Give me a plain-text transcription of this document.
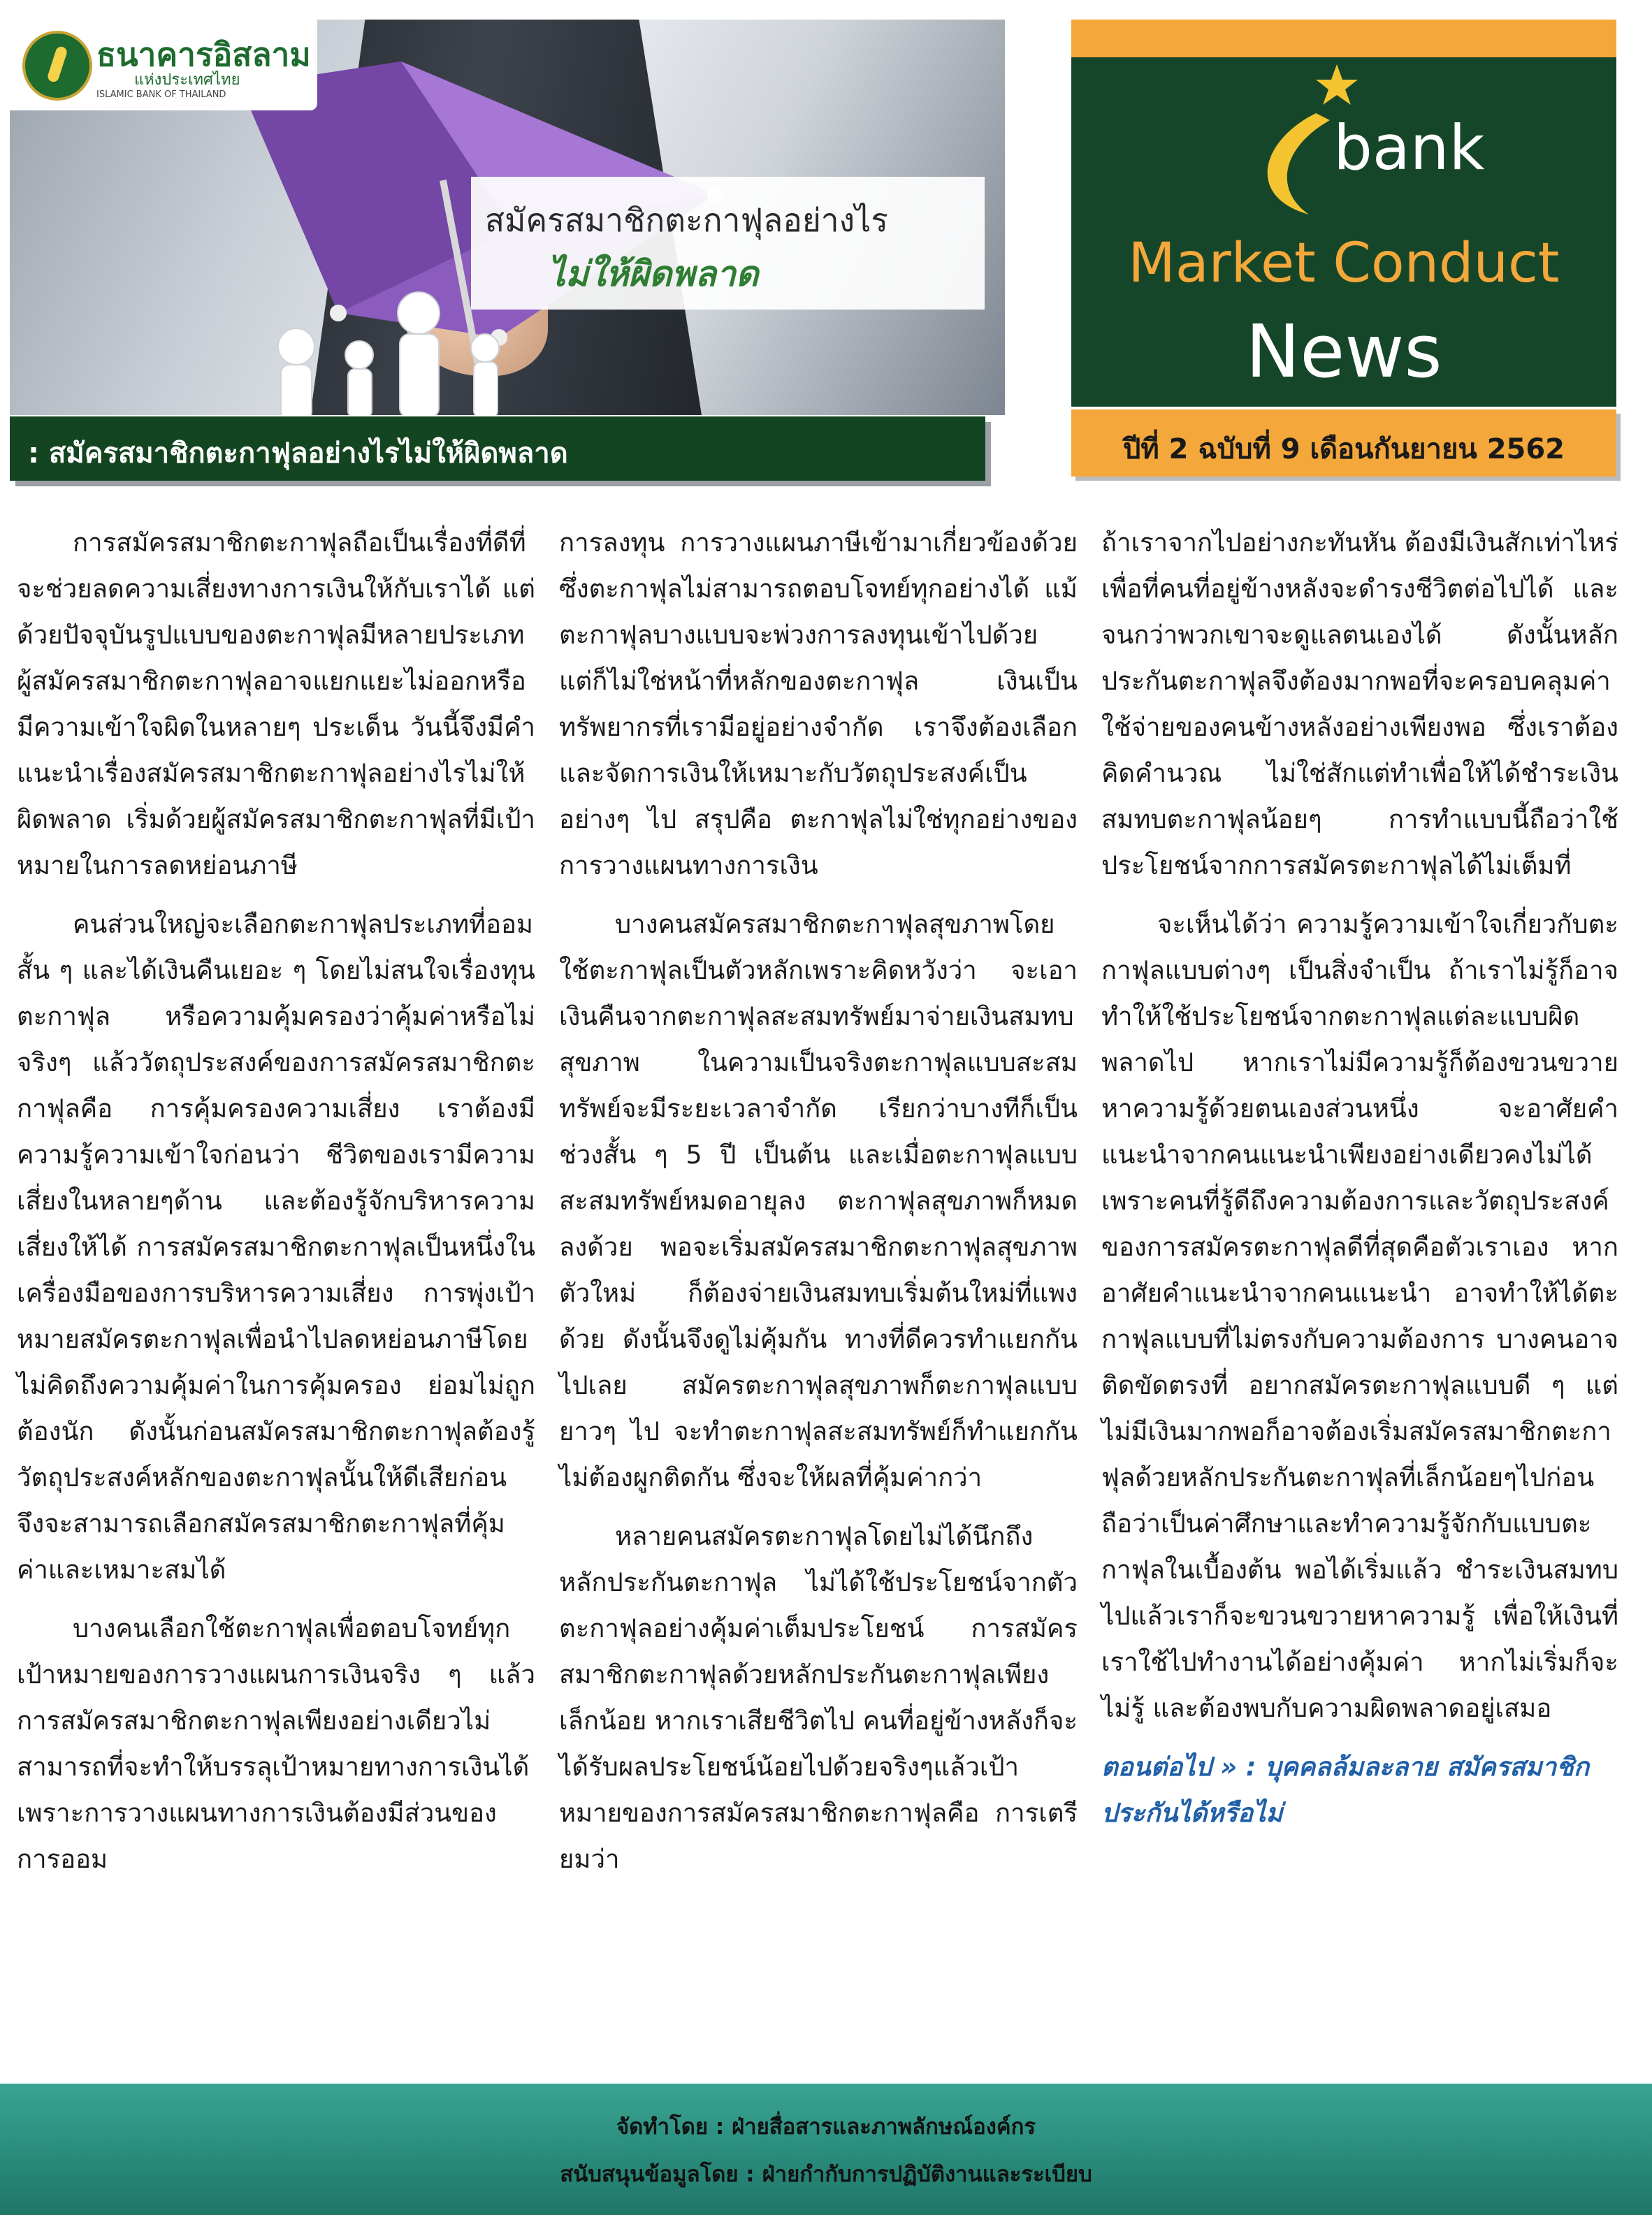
ธนาคารอิสลาม
แห่งประเทศไทย
ISLAMIC BANK OF THAILAND
สมัครสมาชิกตะกาฟุลอย่างไร
ไม่ให้ผิดพลาด
: สมัครสมาชิกตะกาฟุลอย่างไรไม่ให้ผิดพลาด
bank
Market Conduct
News
ปีที่ 2 ฉบับที่ 9 เดือนกันยายน 2562

การสมัครสมาชิกตะกาฟุลถือเป็นเรื่องที่ดีที่จะช่วยลดความเสี่ยงทางการเงินให้กับเราได้ แต่ด้วยปัจจุบันรูปแบบของตะกาฟุลมีหลายประเภท ผู้สมัครสมาชิกตะกาฟุลอาจแยกแยะไม่ออกหรือมีความเข้าใจผิดในหลายๆ ประเด็น วันนี้จึงมีคำแนะนำเรื่องสมัครสมาชิกตะกาฟุลอย่างไรไม่ให้ผิดพลาด เริ่มด้วยผู้สมัครสมาชิกตะกาฟุลที่มีเป้าหมายในการลดหย่อนภาษี

คนส่วนใหญ่จะเลือกตะกาฟุลประเภทที่ออมสั้น ๆ และได้เงินคืนเยอะ ๆ โดยไม่สนใจเรื่องทุนตะกาฟุล หรือความคุ้มครองว่าคุ้มค่าหรือไม่ จริงๆ แล้ววัตถุประสงค์ของการสมัครสมาชิกตะกาฟุลคือ การคุ้มครองความเสี่ยง เราต้องมีความรู้ความเข้าใจก่อนว่า ชีวิตของเรามีความเสี่ยงในหลายๆด้าน และต้องรู้จักบริหารความเสี่ยงให้ได้ การสมัครสมาชิกตะกาฟุลเป็นหนึ่งในเครื่องมือของการบริหารความเสี่ยง การพุ่งเป้าหมายสมัครตะกาฟุลเพื่อนำไปลดหย่อนภาษีโดยไม่คิดถึงความคุ้มค่าในการคุ้มครอง ย่อมไม่ถูกต้องนัก ดังนั้นก่อนสมัครสมาชิกตะกาฟุลต้องรู้วัตถุประสงค์หลักของตะกาฟุลนั้นให้ดีเสียก่อน จึงจะสามารถเลือกสมัครสมาชิกตะกาฟุลที่คุ้มค่าและเหมาะสมได้

บางคนเลือกใช้ตะกาฟุลเพื่อตอบโจทย์ทุกเป้าหมายของการวางแผนการเงินจริง ๆ แล้วการสมัครสมาชิกตะกาฟุลเพียงอย่างเดียวไม่สามารถที่จะทำให้บรรลุเป้าหมายทางการเงินได้เพราะการวางแผนทางการเงินต้องมีส่วนของการออม

การลงทุน การวางแผนภาษีเข้ามาเกี่ยวข้องด้วย ซึ่งตะกาฟุลไม่สามารถตอบโจทย์ทุกอย่างได้ แม้ตะกาฟุลบางแบบจะพ่วงการลงทุนเข้าไปด้วย แต่ก็ไม่ใช่หน้าที่หลักของตะกาฟุล เงินเป็นทรัพยากรที่เรามีอยู่อย่างจำกัด เราจึงต้องเลือกและจัดการเงินให้เหมาะกับวัตถุประสงค์เป็นอย่างๆ ไป สรุปคือ ตะกาฟุลไม่ใช่ทุกอย่างของการวางแผนทางการเงิน

บางคนสมัครสมาชิกตะกาฟุลสุขภาพโดยใช้ตะกาฟุลเป็นตัวหลักเพราะคิดหวังว่า จะเอาเงินคืนจากตะกาฟุลสะสมทรัพย์มาจ่ายเงินสมทบสุขภาพ ในความเป็นจริงตะกาฟุลแบบสะสมทรัพย์จะมีระยะเวลาจำกัด เรียกว่าบางทีก็เป็นช่วงสั้น ๆ 5 ปี เป็นต้น และเมื่อตะกาฟุลแบบสะสมทรัพย์หมดอายุลง ตะกาฟุลสุขภาพก็หมดลงด้วย พอจะเริ่มสมัครสมาชิกตะกาฟุลสุขภาพตัวใหม่ ก็ต้องจ่ายเงินสมทบเริ่มต้นใหม่ที่แพงด้วย ดังนั้นจึงดูไม่คุ้มกัน ทางที่ดีควรทำแยกกันไปเลย สมัครตะกาฟุลสุขภาพก็ตะกาฟุลแบบยาวๆ ไป จะทำตะกาฟุลสะสมทรัพย์ก็ทำแยกกันไม่ต้องผูกติดกัน ซึ่งจะให้ผลที่คุ้มค่ากว่า

หลายคนสมัครตะกาฟุลโดยไม่ได้นึกถึงหลักประกันตะกาฟุล ไม่ได้ใช้ประโยชน์จากตัวตะกาฟุลอย่างคุ้มค่าเต็มประโยชน์ การสมัครสมาชิกตะกาฟุลด้วยหลักประกันตะกาฟุลเพียงเล็กน้อย หากเราเสียชีวิตไป คนที่อยู่ข้างหลังก็จะได้รับผลประโยชน์น้อยไปด้วยจริงๆแล้วเป้าหมายของการสมัครสมาชิกตะกาฟุลคือ การเตรียมว่า

ถ้าเราจากไปอย่างกะทันหัน ต้องมีเงินสักเท่าไหร่ เพื่อที่คนที่อยู่ข้างหลังจะดำรงชีวิตต่อไปได้ และจนกว่าพวกเขาจะดูแลตนเองได้ ดังนั้นหลักประกันตะกาฟุลจึงต้องมากพอที่จะครอบคลุมค่าใช้จ่ายของคนข้างหลังอย่างเพียงพอ ซึ่งเราต้องคิดคำนวณ ไม่ใช่สักแต่ทำเพื่อให้ได้ชำระเงินสมทบตะกาฟุลน้อยๆ การทำแบบนี้ถือว่าใช้ประโยชน์จากการสมัครตะกาฟุลได้ไม่เต็มที่

จะเห็นได้ว่า ความรู้ความเข้าใจเกี่ยวกับตะกาฟุลแบบต่างๆ เป็นสิ่งจำเป็น ถ้าเราไม่รู้ก็อาจทำให้ใช้ประโยชน์จากตะกาฟุลแต่ละแบบผิดพลาดไป หากเราไม่มีความรู้ก็ต้องขวนขวายหาความรู้ด้วยตนเองส่วนหนึ่ง จะอาศัยคำแนะนำจากคนแนะนำเพียงอย่างเดียวคงไม่ได้ เพราะคนที่รู้ดีถึงความต้องการและวัตถุประสงค์ของการสมัครตะกาฟุลดีที่สุดคือตัวเราเอง หากอาศัยคำแนะนำจากคนแนะนำ อาจทำให้ได้ตะกาฟุลแบบที่ไม่ตรงกับความต้องการ บางคนอาจติดขัดตรงที่ อยากสมัครตะกาฟุลแบบดี ๆ แต่ไม่มีเงินมากพอก็อาจต้องเริ่มสมัครสมาชิกตะกาฟุลด้วยหลักประกันตะกาฟุลที่เล็กน้อยๆไปก่อน ถือว่าเป็นค่าศึกษาและทำความรู้จักกับแบบตะกาฟุลในเบื้องต้น พอได้เริ่มแล้ว ชำระเงินสมทบไปแล้วเราก็จะขวนขวายหาความรู้ เพื่อให้เงินที่เราใช้ไปทำงานได้อย่างคุ้มค่า หากไม่เริ่มก็จะไม่รู้ และต้องพบกับความผิดพลาดอยู่เสมอ

ตอนต่อไป » : บุคคลล้มละลาย สมัครสมาชิกประกันได้หรือไม่

จัดทำโดย : ฝ่ายสื่อสารและภาพลักษณ์องค์กร
สนับสนุนข้อมูลโดย : ฝ่ายกำกับการปฏิบัติงานและระเบียบ
